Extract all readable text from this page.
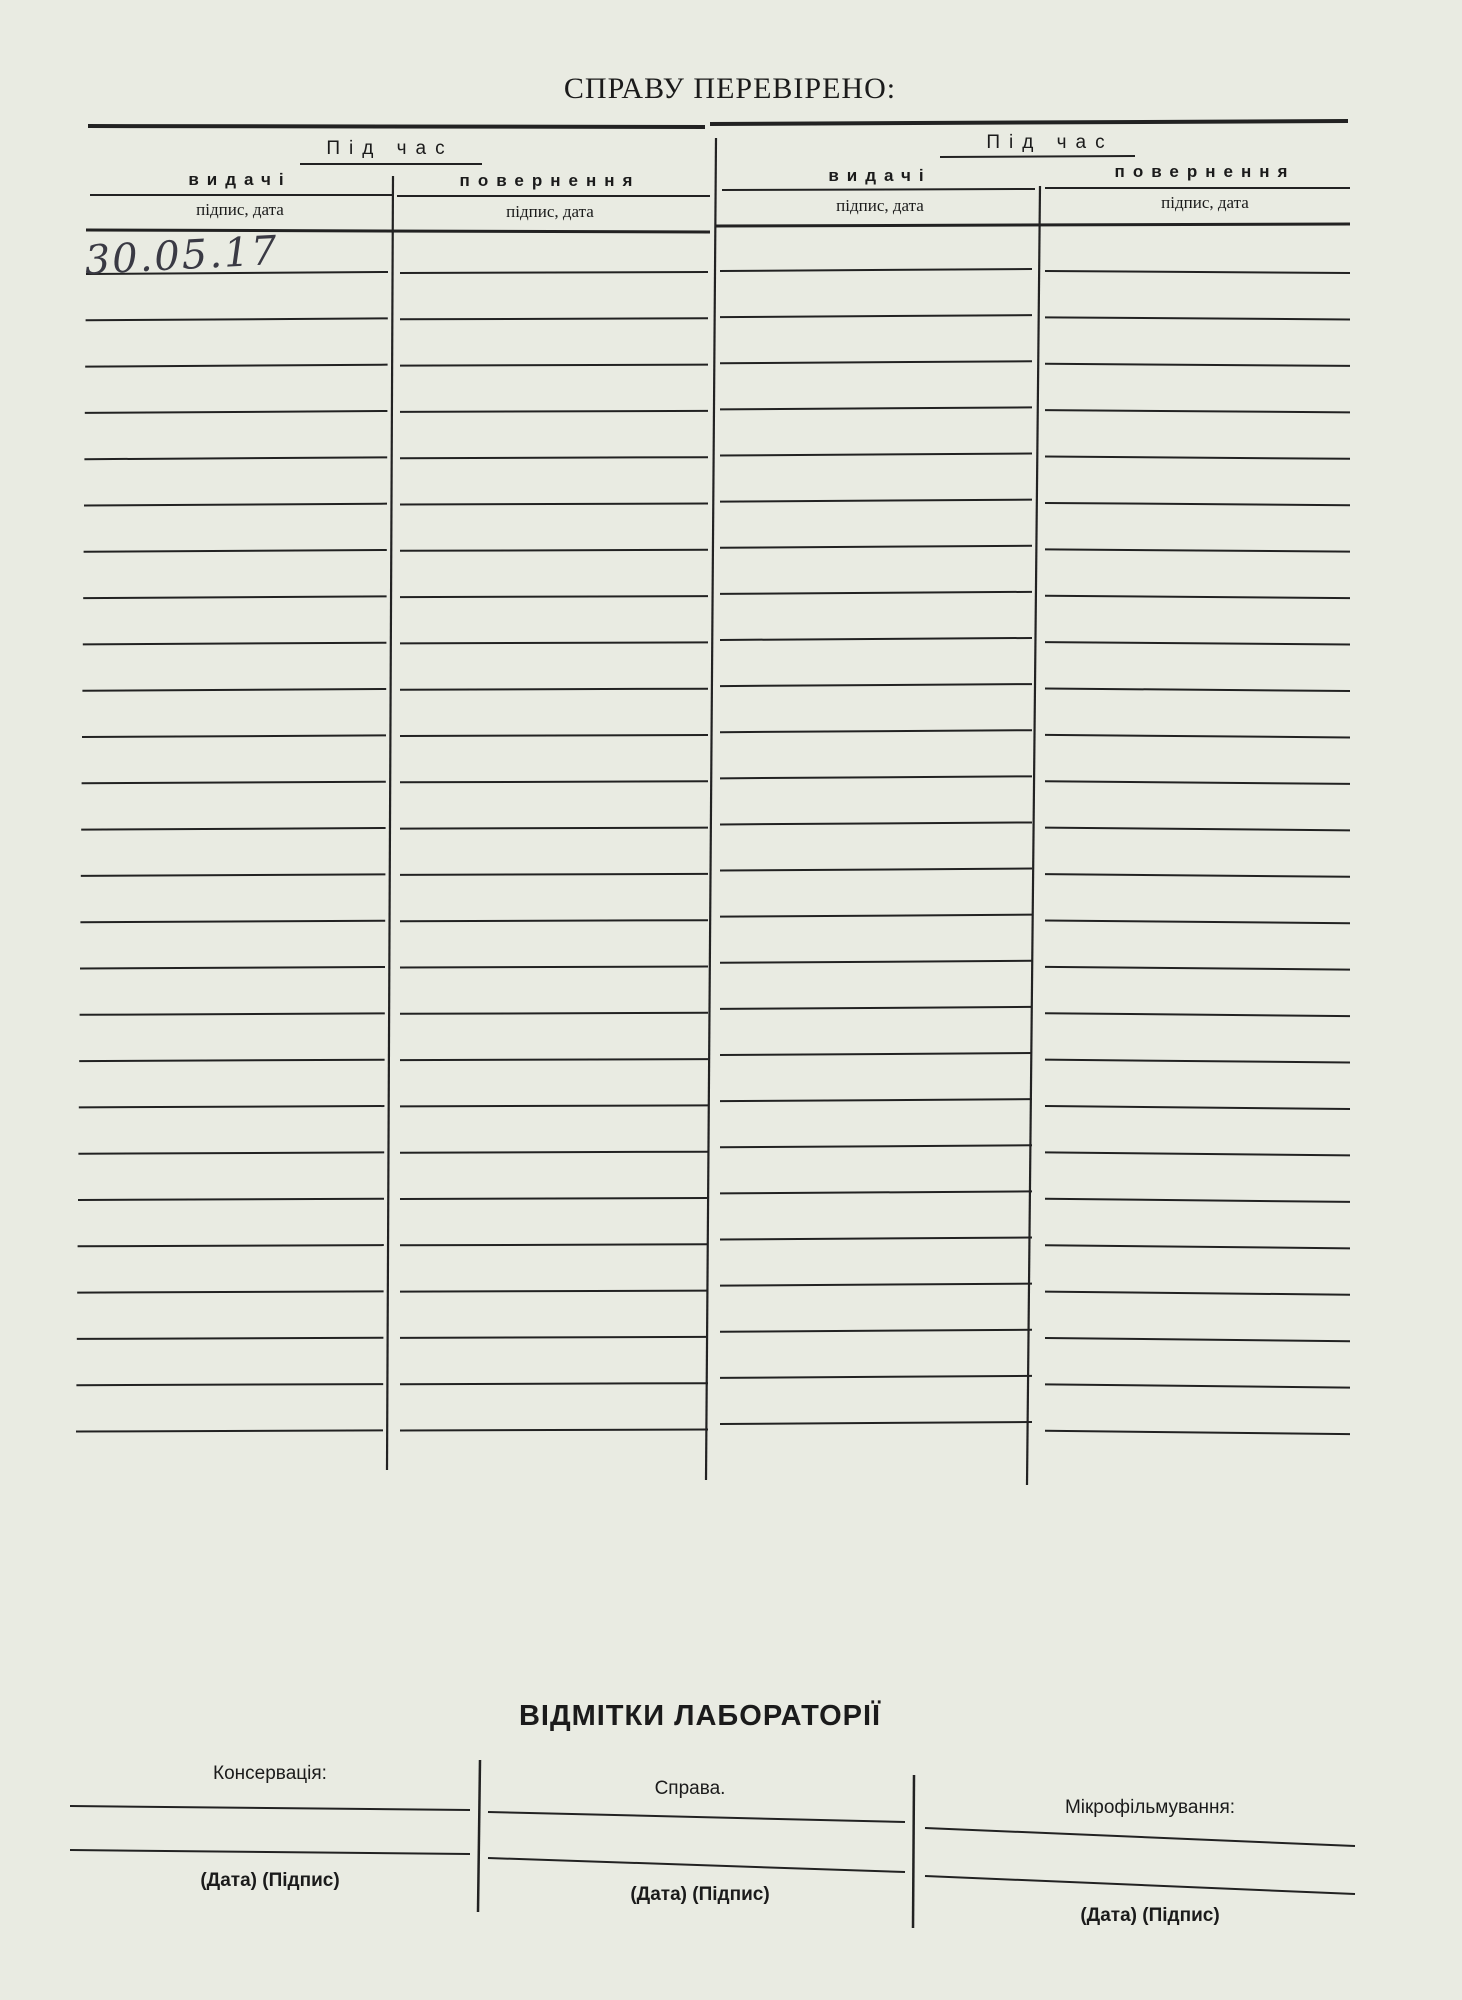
СПРАВУ ПЕРЕВІРЕНО:
Під час
видачі	повернення
підпис, дата	підпис, дата
Під час
видачі	повернення
підпис, дата	підпис, дата
30.05.17
ВІДМІТКИ ЛАБОРАТОРІЇ
Консервація:
Справа.
Мікрофільмування:
(Дата) (Підпис)
(Дата) (Підпис)
(Дата) (Підпис)
